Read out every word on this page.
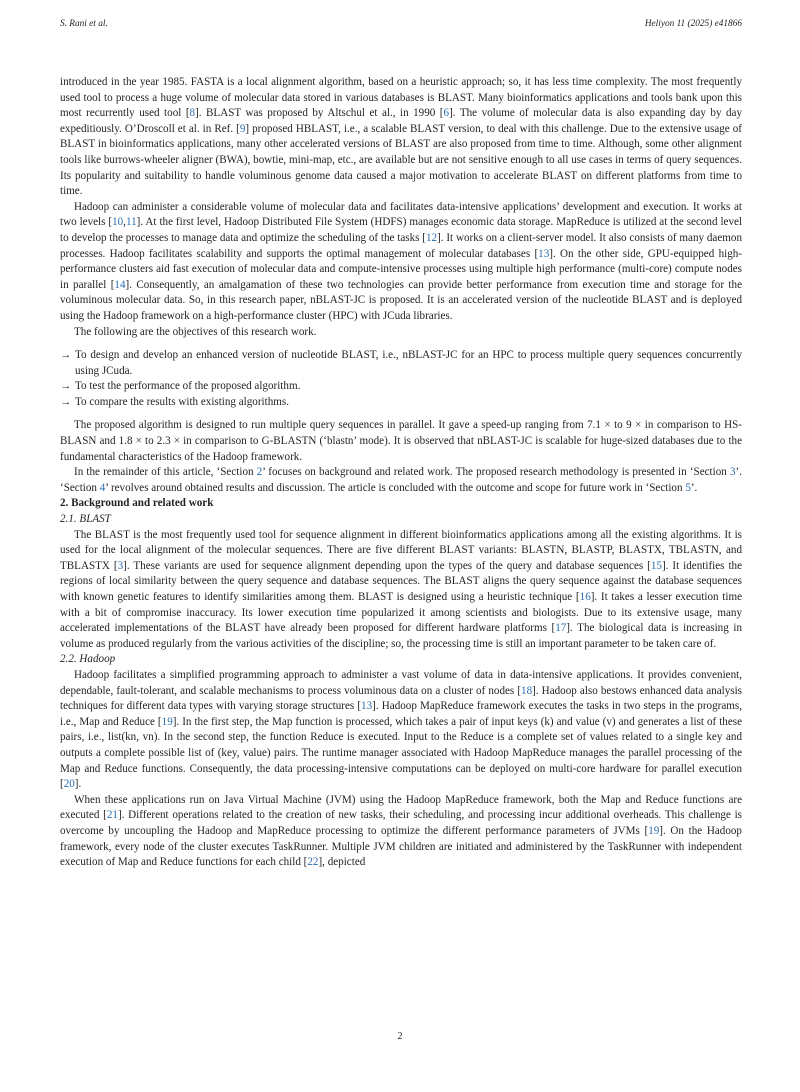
S. Rani et al.	Heliyon 11 (2025) e41866

introduced in the year 1985. FASTA is a local alignment algorithm, based on a heuristic approach; so, it has less time complexity. The most frequently used tool to process a huge volume of molecular data stored in various databases is BLAST. Many bioinformatics applications and tools bank upon this most recurrently used tool [8]. BLAST was proposed by Altschul et al., in 1990 [6]. The volume of molecular data is also expanding day by day expeditiously. O’Droscoll et al. in Ref. [9] proposed HBLAST, i.e., a scalable BLAST version, to deal with this challenge. Due to the extensive usage of BLAST in bioinformatics applications, many other accelerated versions of BLAST are also proposed from time to time. Although, some other alignment tools like burrows-wheeler aligner (BWA), bowtie, mini-map, etc., are available but are not sensitive enough to all use cases in terms of query sequences. Its popularity and suitability to handle voluminous genome data caused a major motivation to accelerate BLAST on different platforms from time to time.

Hadoop can administer a considerable volume of molecular data and facilitates data-intensive applications’ development and execution. It works at two levels [10,11]. At the first level, Hadoop Distributed File System (HDFS) manages economic data storage. MapReduce is utilized at the second level to develop the processes to manage data and optimize the scheduling of the tasks [12]. It works on a client-server model. It also consists of many daemon processes. Hadoop facilitates scalability and supports the optimal management of molecular databases [13]. On the other side, GPU-equipped high-performance clusters aid fast execution of molecular data and compute-intensive processes using multiple high performance (multi-core) compute nodes in parallel [14]. Consequently, an amalgamation of these two technologies can provide better performance from execution time and storage for the voluminous molecular data. So, in this research paper, nBLAST-JC is proposed. It is an accelerated version of the nucleotide BLAST and is deployed using the Hadoop framework on a high-performance cluster (HPC) with JCuda libraries.

The following are the objectives of this research work.

→ To design and develop an enhanced version of nucleotide BLAST, i.e., nBLAST-JC for an HPC to process multiple query sequences concurrently using JCuda.
→ To test the performance of the proposed algorithm.
→ To compare the results with existing algorithms.

The proposed algorithm is designed to run multiple query sequences in parallel. It gave a speed-up ranging from 7.1 × to 9 × in comparison to HS-BLASN and 1.8 × to 2.3 × in comparison to G-BLASTN (‘blastn’ mode). It is observed that nBLAST-JC is scalable for huge-sized databases due to the fundamental characteristics of the Hadoop framework.

In the remainder of this article, ‘Section 2’ focuses on background and related work. The proposed research methodology is presented in ‘Section 3’. ‘Section 4’ revolves around obtained results and discussion. The article is concluded with the outcome and scope for future work in ‘Section 5’.

2. Background and related work

2.1. BLAST

The BLAST is the most frequently used tool for sequence alignment in different bioinformatics applications among all the existing algorithms. It is used for the local alignment of the molecular sequences. There are five different BLAST variants: BLASTN, BLASTP, BLASTX, TBLASTN, and TBLASTX [3]. These variants are used for sequence alignment depending upon the types of the query and database sequences [15]. It identifies the regions of local similarity between the query sequence and database sequences. The BLAST aligns the query sequence against the database sequences with known genetic features to identify similarities among them. BLAST is designed using a heuristic technique [16]. It takes a lesser execution time with a bit of compromise inaccuracy. Its lower execution time popularized it among scientists and biologists. Due to its extensive usage, many accelerated implementations of the BLAST have already been proposed for different hardware platforms [17]. The biological data is increasing in volume as produced regularly from the various activities of the discipline; so, the processing time is still an important parameter to be taken care of.

2.2. Hadoop

Hadoop facilitates a simplified programming approach to administer a vast volume of data in data-intensive applications. It provides convenient, dependable, fault-tolerant, and scalable mechanisms to process voluminous data on a cluster of nodes [18]. Hadoop also bestows enhanced data analysis techniques for different data types with varying storage structures [13]. Hadoop MapReduce framework executes the tasks in two steps in the programs, i.e., Map and Reduce [19]. In the first step, the Map function is processed, which takes a pair of input keys (k) and value (v) and generates a list of these pairs, i.e., list(kn, vn). In the second step, the function Reduce is executed. Input to the Reduce is a complete set of values related to a single key and outputs a complete possible list of (key, value) pairs. The runtime manager associated with Hadoop MapReduce manages the parallel processing of the Map and Reduce functions. Consequently, the data processing-intensive computations can be deployed on multi-core hardware for parallel execution [20].

When these applications run on Java Virtual Machine (JVM) using the Hadoop MapReduce framework, both the Map and Reduce functions are executed [21]. Different operations related to the creation of new tasks, their scheduling, and processing incur additional overheads. This challenge is overcome by uncoupling the Hadoop and MapReduce processing to optimize the different performance parameters of JVMs [19]. On the Hadoop framework, every node of the cluster executes TaskRunner. Multiple JVM children are initiated and administered by the TaskRunner with independent execution of Map and Reduce functions for each child [22], depicted

2
